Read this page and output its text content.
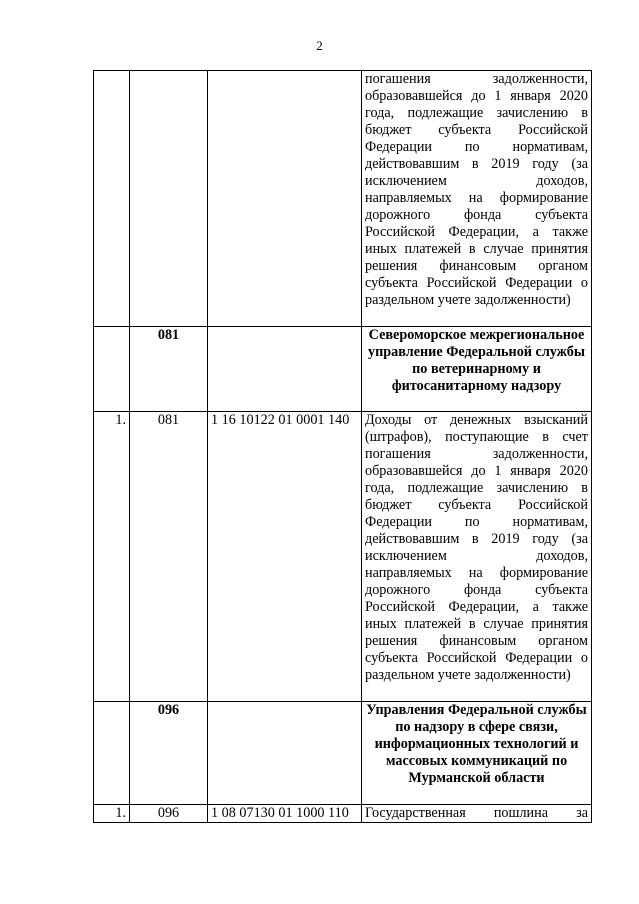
2

			погашения задолженности, образовавшейся до 1 января 2020 года, подлежащие зачислению в бюджет субъекта Российской Федерации по нормативам, действовавшим в 2019 году (за исключением доходов, направляемых на формирование дорожного фонда субъекта Российской Федерации, а также иных платежей в случае принятия решения финансовым органом субъекта Российской Федерации о раздельном учете задолженности)

	081		Североморское межрегиональное управление Федеральной службы по ветеринарному и фитосанитарному надзору
1.	081	1 16 10122 01 0001 140	Доходы от денежных взысканий (штрафов), поступающие в счет погашения задолженности, образовавшейся до 1 января 2020 года, подлежащие зачислению в бюджет субъекта Российской Федерации по нормативам, действовавшим в 2019 году (за исключением доходов, направляемых на формирование дорожного фонда субъекта Российской Федерации, а также иных платежей в случае принятия решения финансовым органом субъекта Российской Федерации о раздельном учете задолженности)

	096		Управления Федеральной службы по надзору в сфере связи, информационных технологий и массовых коммуникаций по Мурманской области
1.	096	1 08 07130 01 1000 110	Государственная пошлина за
